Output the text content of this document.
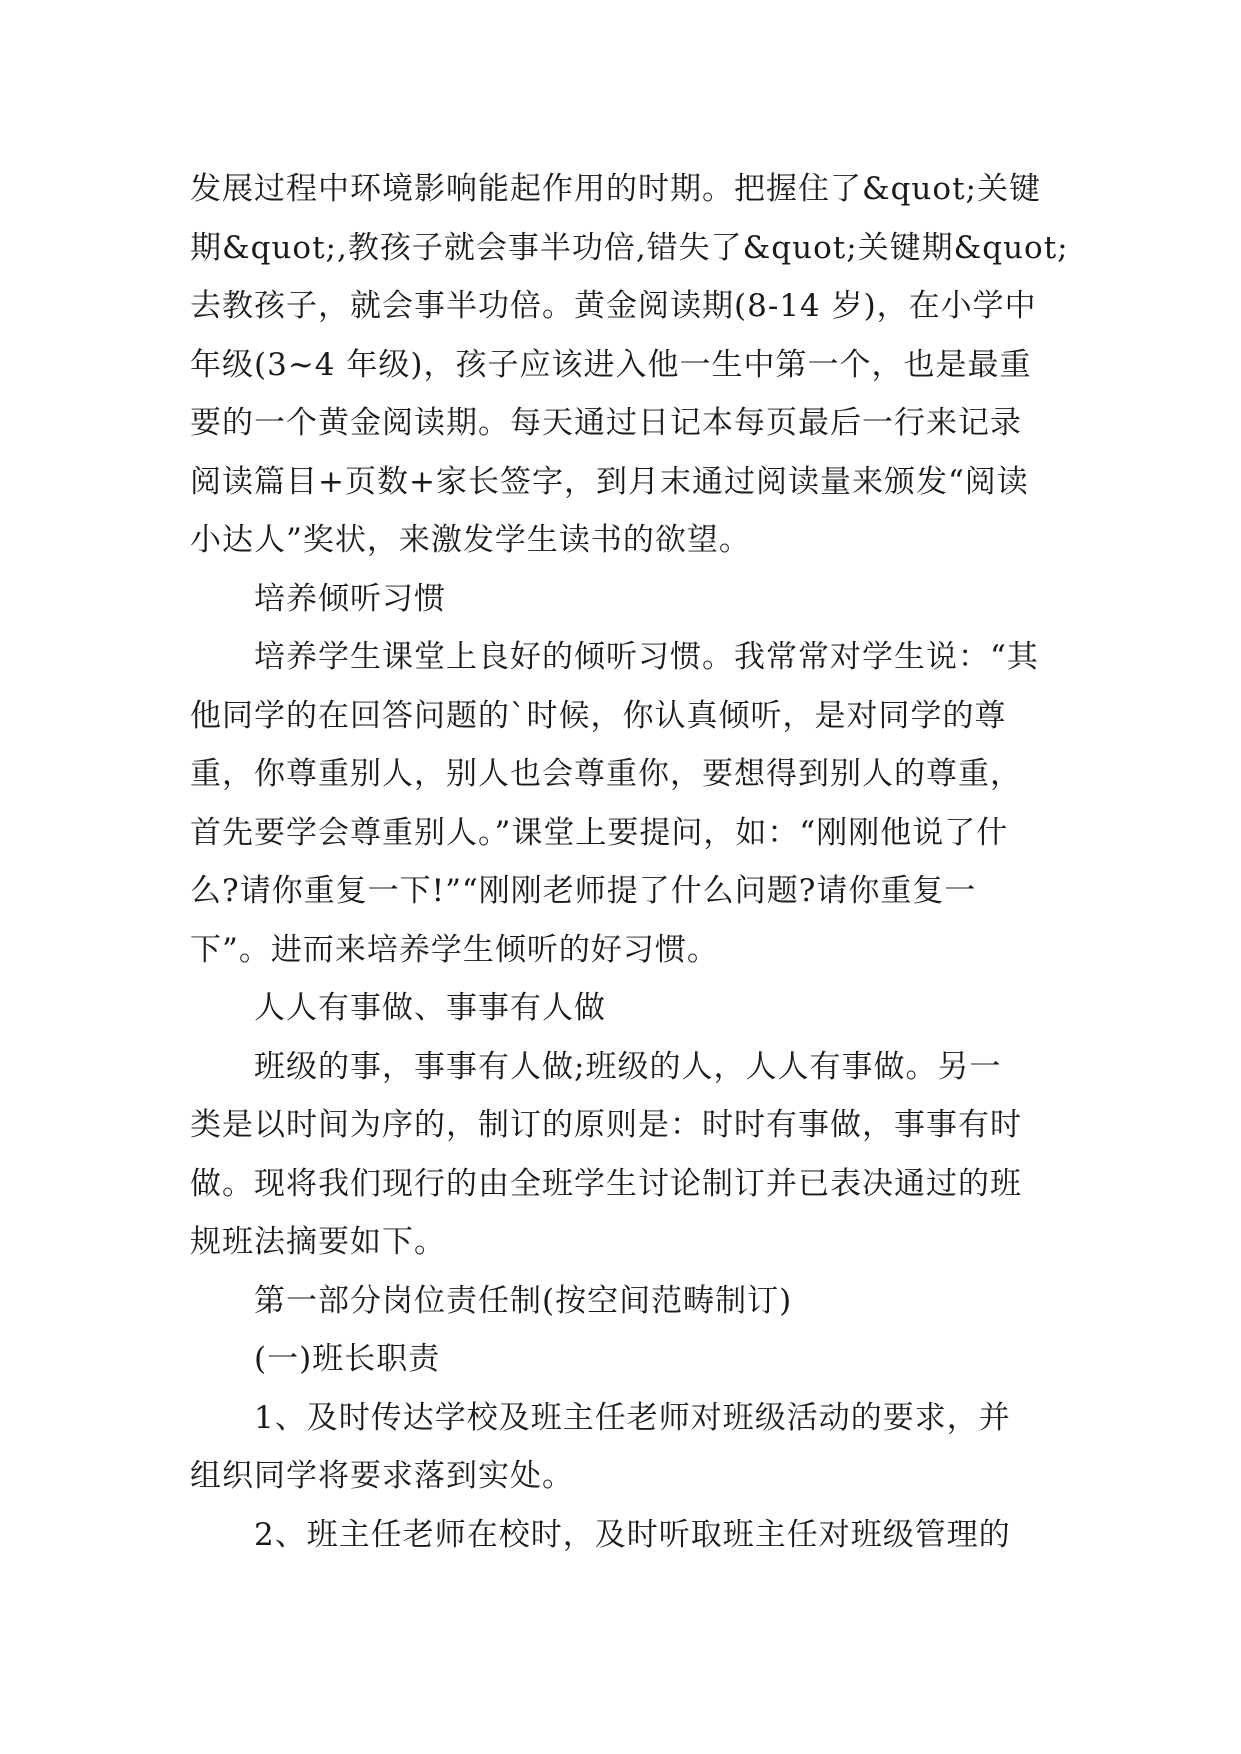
发展过程中环境影响能起作用的时期。把握住了&quot;关键
期&quot;,教孩子就会事半功倍,错失了&quot;关键期&quot;
去教孩子，就会事半功倍。黄金阅读期(8-14 岁)，在小学中
年级(3~4 年级)，孩子应该进入他一生中第一个，也是最重
要的一个黄金阅读期。每天通过日记本每页最后一行来记录
阅读篇目+页数+家长签字，到月末通过阅读量来颁发“阅读
小达人”奖状，来激发学生读书的欲望。
培养倾听习惯
培养学生课堂上良好的倾听习惯。我常常对学生说：“其
他同学的在回答问题的`时候，你认真倾听，是对同学的尊
重，你尊重别人，别人也会尊重你，要想得到别人的尊重，
首先要学会尊重别人。”课堂上要提问，如：“刚刚他说了什
么?请你重复一下!”“刚刚老师提了什么问题?请你重复一
下”。进而来培养学生倾听的好习惯。
人人有事做、事事有人做
班级的事，事事有人做;班级的人，人人有事做。另一
类是以时间为序的，制订的原则是：时时有事做，事事有时
做。现将我们现行的由全班学生讨论制订并已表决通过的班
规班法摘要如下。
第一部分岗位责任制(按空间范畴制订)
(一)班长职责
1、及时传达学校及班主任老师对班级活动的要求，并
组织同学将要求落到实处。
2、班主任老师在校时，及时听取班主任对班级管理的
